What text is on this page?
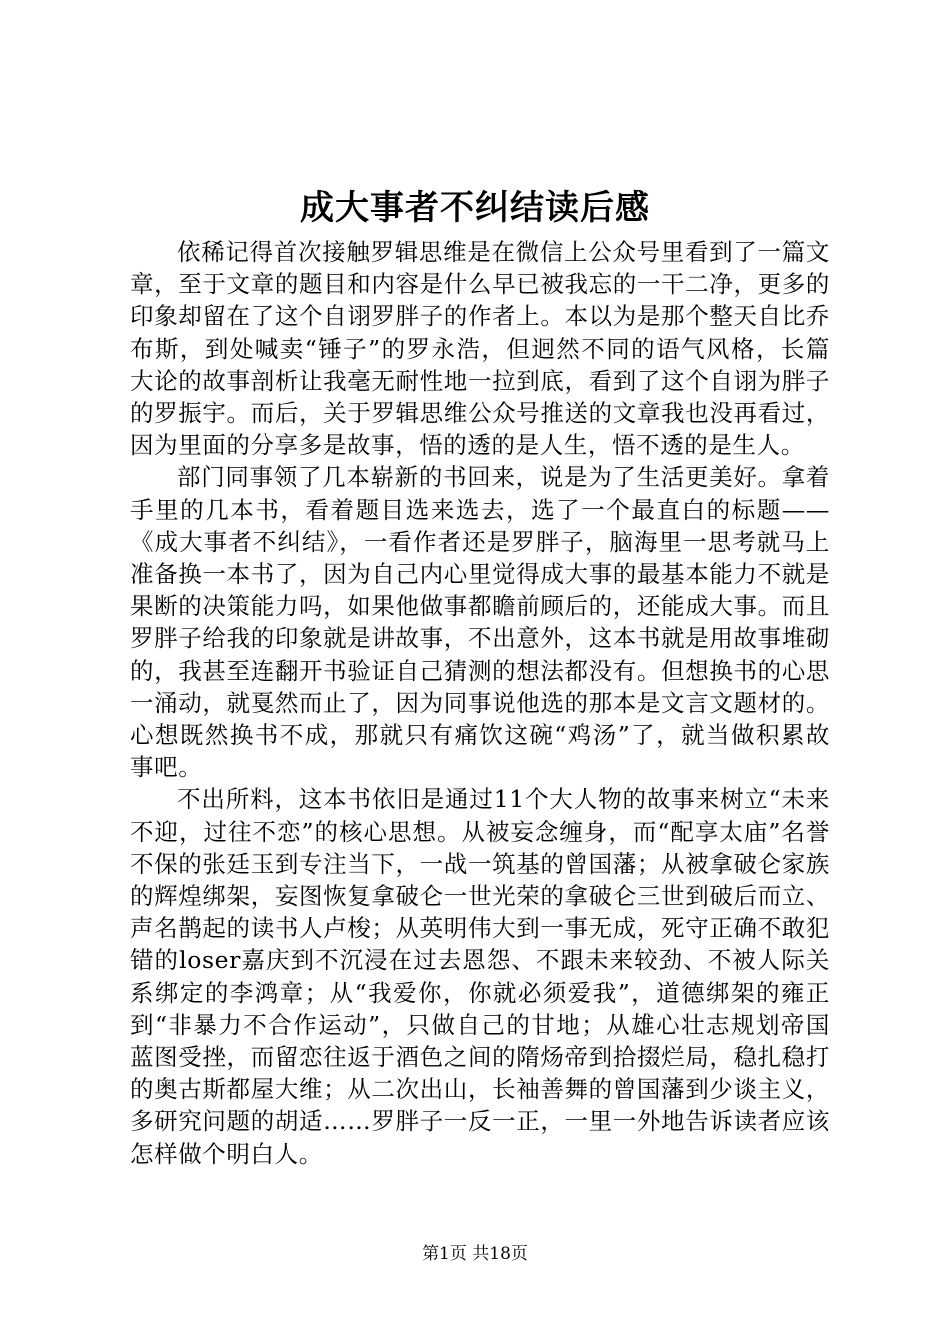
成大事者不纠结读后感

依稀记得首次接触罗辑思维是在微信上公众号里看到了一篇文章，至于文章的题目和内容是什么早已被我忘的一干二净，更多的印象却留在了这个自诩罗胖子的作者上。本以为是那个整天自比乔布斯，到处喊卖“锤子”的罗永浩，但迥然不同的语气风格，长篇大论的故事剖析让我毫无耐性地一拉到底，看到了这个自诩为胖子的罗振宇。而后，关于罗辑思维公众号推送的文章我也没再看过，因为里面的分享多是故事，悟的透的是人生，悟不透的是生人。

部门同事领了几本崭新的书回来，说是为了生活更美好。拿着手里的几本书，看着题目选来选去，选了一个最直白的标题——《成大事者不纠结》，一看作者还是罗胖子，脑海里一思考就马上准备换一本书了，因为自己内心里觉得成大事的最基本能力不就是果断的决策能力吗，如果他做事都瞻前顾后的，还能成大事。而且罗胖子给我的印象就是讲故事，不出意外，这本书就是用故事堆砌的，我甚至连翻开书验证自己猜测的想法都没有。但想换书的心思一涌动，就戛然而止了，因为同事说他选的那本是文言文题材的。心想既然换书不成，那就只有痛饮这碗“鸡汤”了，就当做积累故事吧。

不出所料，这本书依旧是通过11个大人物的故事来树立“未来不迎，过往不恋”的核心思想。从被妄念缠身，而“配享太庙”名誉不保的张廷玉到专注当下，一战一筑基的曾国藩；从被拿破仑家族的辉煌绑架，妄图恢复拿破仑一世光荣的拿破仑三世到破后而立、声名鹊起的读书人卢梭；从英明伟大到一事无成，死守正确不敢犯错的loser嘉庆到不沉浸在过去恩怨、不跟未来较劲、不被人际关系绑定的李鸿章；从“我爱你，你就必须爱我”，道德绑架的雍正到“非暴力不合作运动”，只做自己的甘地；从雄心壮志规划帝国蓝图受挫，而留恋往返于酒色之间的隋炀帝到拾掇烂局，稳扎稳打的奥古斯都屋大维；从二次出山，长袖善舞的曾国藩到少谈主义，多研究问题的胡适……罗胖子一反一正，一里一外地告诉读者应该怎样做个明白人。

第1页 共18页
